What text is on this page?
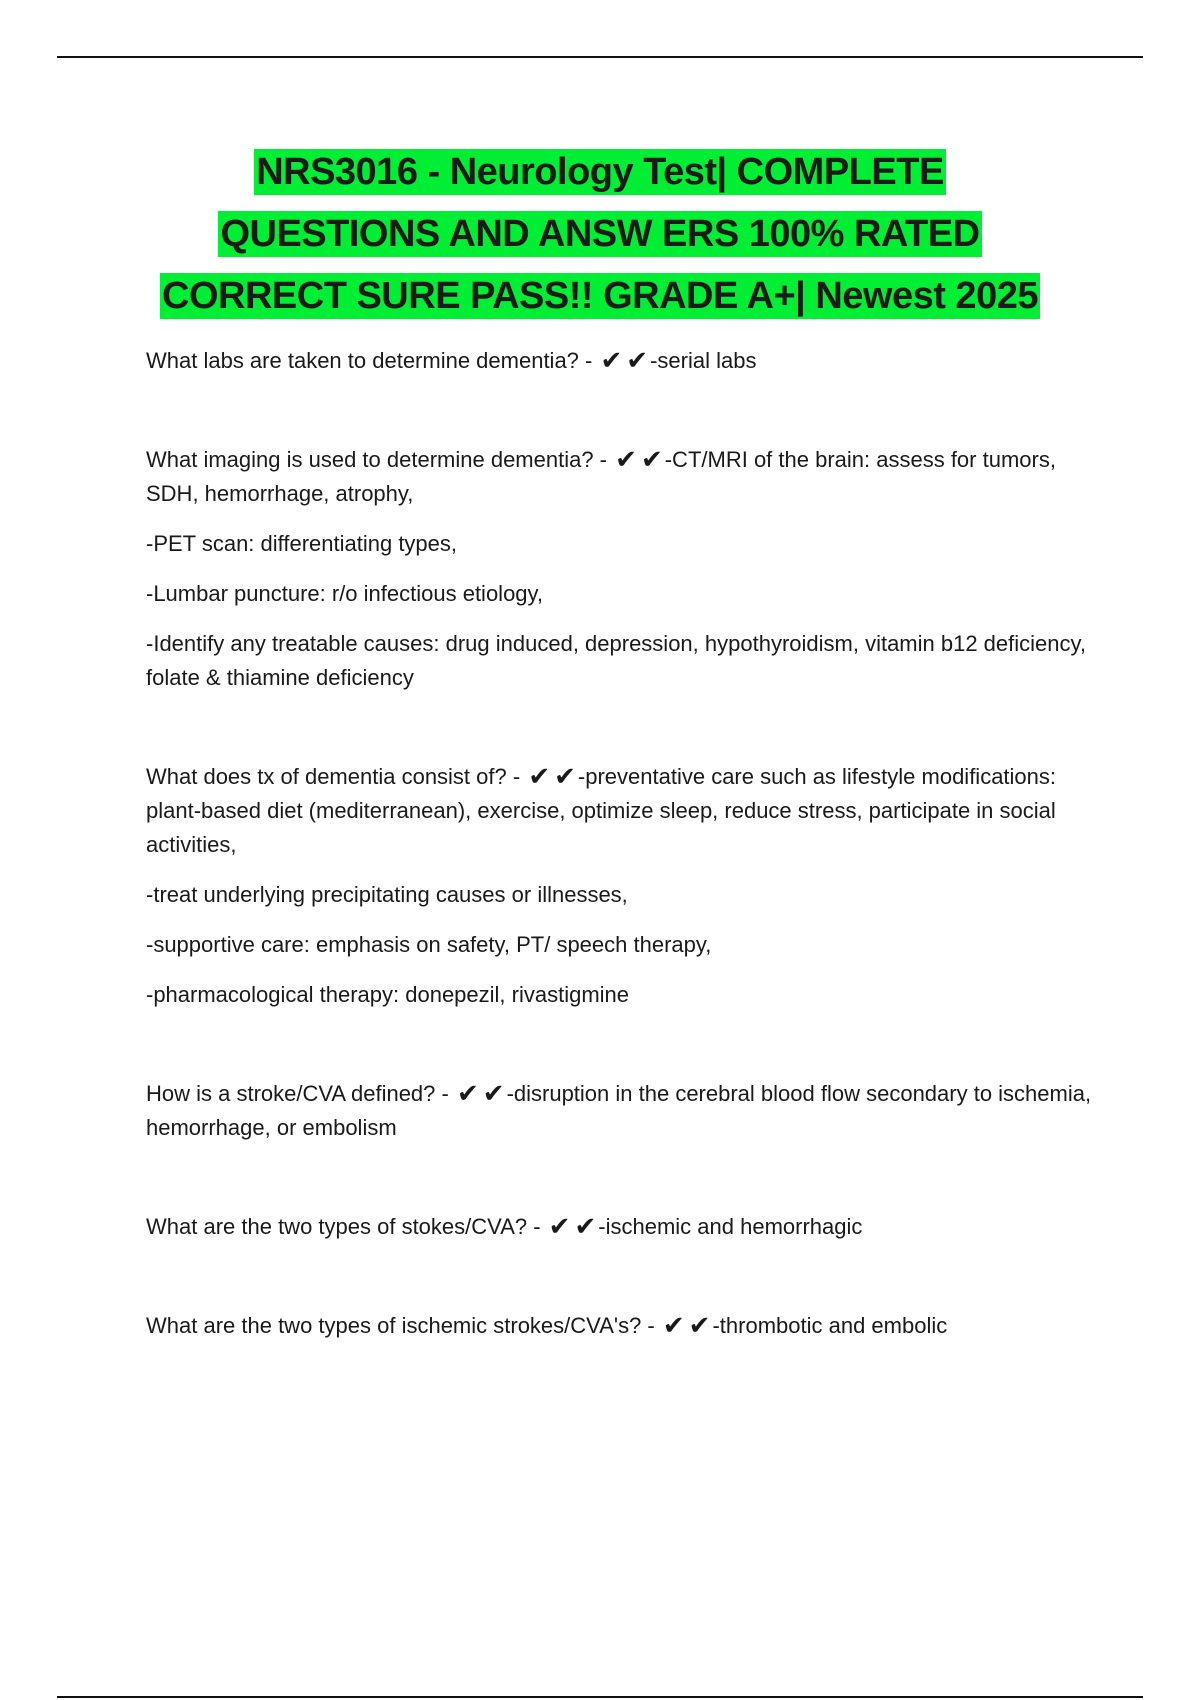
NRS3016 - Neurology Test| COMPLETE
QUESTIONS AND ANSW ERS 100% RATED
CORRECT SURE PASS!! GRADE A+| Newest 2025

What labs are taken to determine dementia? - ✔ ✔-serial labs

What imaging is used to determine dementia? - ✔ ✔-CT/MRI of the brain: assess for tumors, SDH, hemorrhage, atrophy,

-PET scan: differentiating types,

-Lumbar puncture: r/o infectious etiology,

-Identify any treatable causes: drug induced, depression, hypothyroidism, vitamin b12 deficiency, folate & thiamine deficiency

What does tx of dementia consist of? - ✔ ✔-preventative care such as lifestyle modifications: plant-based diet (mediterranean), exercise, optimize sleep, reduce stress, participate in social activities,

-treat underlying precipitating causes or illnesses,

-supportive care: emphasis on safety, PT/ speech therapy,

-pharmacological therapy: donepezil, rivastigmine

How is a stroke/CVA defined? - ✔ ✔-disruption in the cerebral blood flow secondary to ischemia, hemorrhage, or embolism

What are the two types of stokes/CVA? - ✔ ✔-ischemic and hemorrhagic

What are the two types of ischemic strokes/CVA's? - ✔ ✔-thrombotic and embolic
